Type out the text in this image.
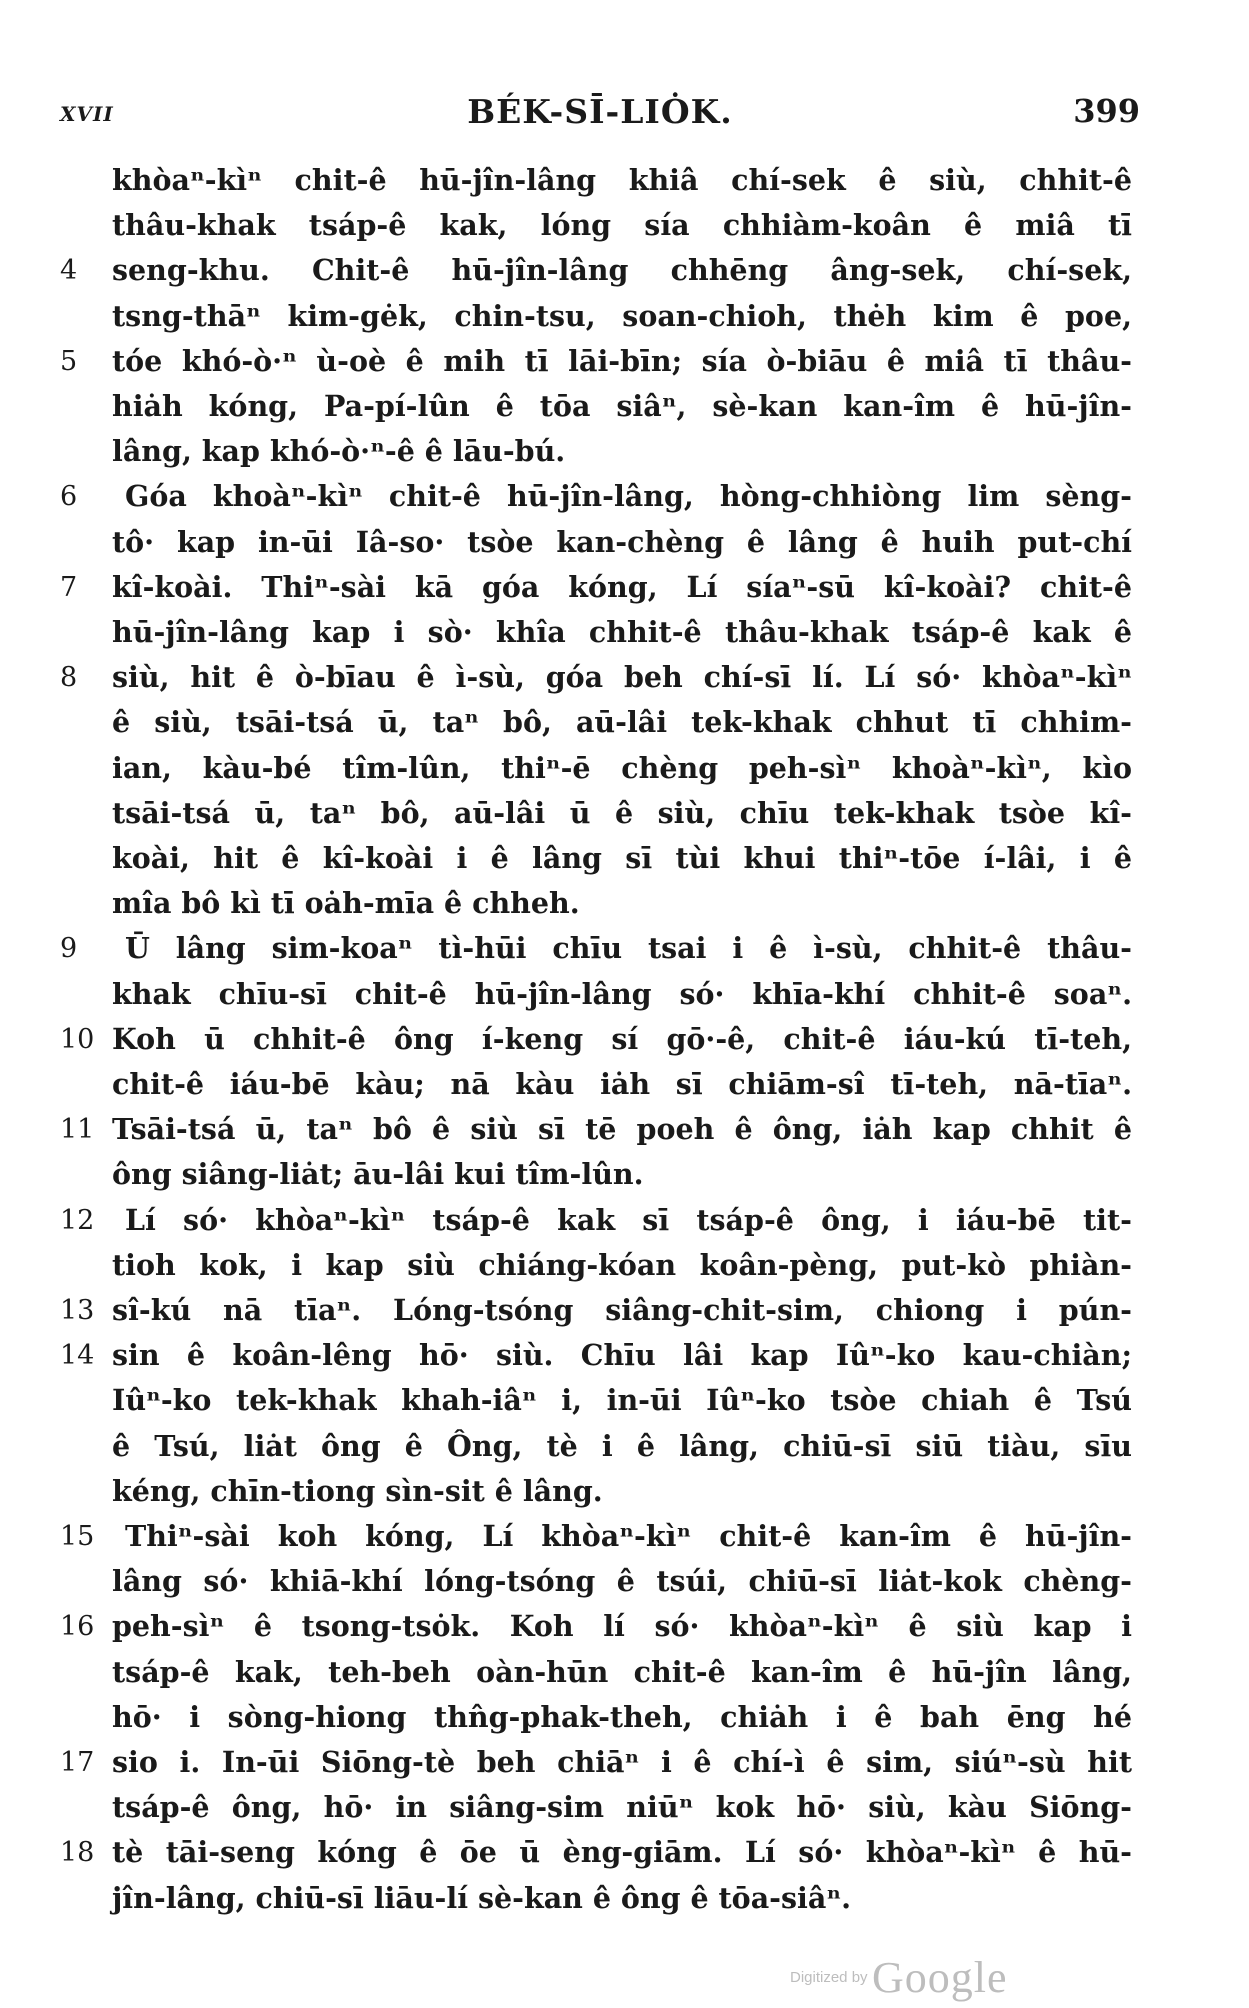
XVII	BÉK-SĪ-LIȮK.	399
khòaⁿ-kìⁿ chit-ê hū-jîn-lâng khiâ chí-sek ê siù, chhit-ê
thâu-khak tsáp-ê kak, lóng sía chhiàm-koân ê miâ tī
4	seng-khu. Chit-ê hū-jîn-lâng chhēng âng-sek, chí-sek,
tsng-thāⁿ kim-gėk, chin-tsu, soan-chioh, thėh kim ê poe,
5	tóe khó-ò·ⁿ ù-oè ê mih tī lāi-bīn; sía ò-biāu ê miâ tī thâu-
hiȧh kóng, Pa-pí-lûn ê tōa siâⁿ, sè-kan kan-îm ê hū-jîn-
lâng, kap khó-ò·ⁿ-ê ê lāu-bú.
6	Góa khoàⁿ-kìⁿ chit-ê hū-jîn-lâng, hòng-chhiòng lim sèng-
tô· kap in-ūi Iâ-so· tsòe kan-chèng ê lâng ê huih put-chí
7	kî-koài. Thiⁿ-sài kā góa kóng, Lí síaⁿ-sū kî-koài? chit-ê
hū-jîn-lâng kap i sò· khîa chhit-ê thâu-khak tsáp-ê kak ê
8	siù, hit ê ò-bīau ê ì-sù, góa beh chí-sī lí. Lí só· khòaⁿ-kìⁿ
ê siù, tsāi-tsá ū, taⁿ bô, aū-lâi tek-khak chhut tī chhim-
ian, kàu-bé tîm-lûn, thiⁿ-ē chèng peh-sìⁿ khoàⁿ-kìⁿ, kìo
tsāi-tsá ū, taⁿ bô, aū-lâi ū ê siù, chīu tek-khak tsòe kî-
koài, hit ê kî-koài i ê lâng sī tùi khui thiⁿ-tōe í-lâi, i ê
mîa bô kì tī oȧh-mīa ê chheh.
9	Ū lâng sim-koaⁿ tì-hūi chīu tsai i ê ì-sù, chhit-ê thâu-
khak chīu-sī chit-ê hū-jîn-lâng só· khīa-khí chhit-ê soaⁿ.
10 Koh ū chhit-ê ông í-keng sí gō·-ê, chit-ê iáu-kú tī-teh,
chit-ê iáu-bē kàu; nā kàu iȧh sī chiām-sî tī-teh, nā-tīaⁿ.
11 Tsāi-tsá ū, taⁿ bô ê siù sī tē poeh ê ông, iȧh kap chhit ê
ông siâng-liȧt; āu-lâi kui tîm-lûn.
12 Lí só· khòaⁿ-kìⁿ tsáp-ê kak sī tsáp-ê ông, i iáu-bē tit-
tioh kok, i kap siù chiáng-kóan koân-pèng, put-kò phiàn-
13 sî-kú nā tīaⁿ. Lóng-tsóng siâng-chit-sim, chiong i pún-
14 sin ê koân-lêng hō· siù. Chīu lâi kap Iûⁿ-ko kau-chiàn;
Iûⁿ-ko tek-khak khah-iâⁿ i, in-ūi Iûⁿ-ko tsòe chiah ê Tsú
ê Tsú, liȧt ông ê Ông, tè i ê lâng, chiū-sī siū tiàu, sīu
kéng, chīn-tiong sìn-sit ê lâng.
15 Thiⁿ-sài koh kóng, Lí khòaⁿ-kìⁿ chit-ê kan-îm ê hū-jîn-
lâng só· khiā-khí lóng-tsóng ê tsúi, chiū-sī liȧt-kok chèng-
16 peh-sìⁿ ê tsong-tsȯk. Koh lí só· khòaⁿ-kìⁿ ê siù kap i
tsáp-ê kak, teh-beh oàn-hūn chit-ê kan-îm ê hū-jîn lâng,
hō· i sòng-hiong thn̂g-phak-theh, chiȧh i ê bah ēng hé
17 sio i. In-ūi Siōng-tè beh chiāⁿ i ê chí-ì ê sim, siúⁿ-sù hit
tsáp-ê ông, hō· in siâng-sim niūⁿ kok hō· siù, kàu Siōng-
18 tè tāi-seng kóng ê ōe ū èng-giām. Lí só· khòaⁿ-kìⁿ ê hū-
jîn-lâng, chiū-sī liāu-lí sè-kan ê ông ê tōa-siâⁿ.
Digitized by Google
